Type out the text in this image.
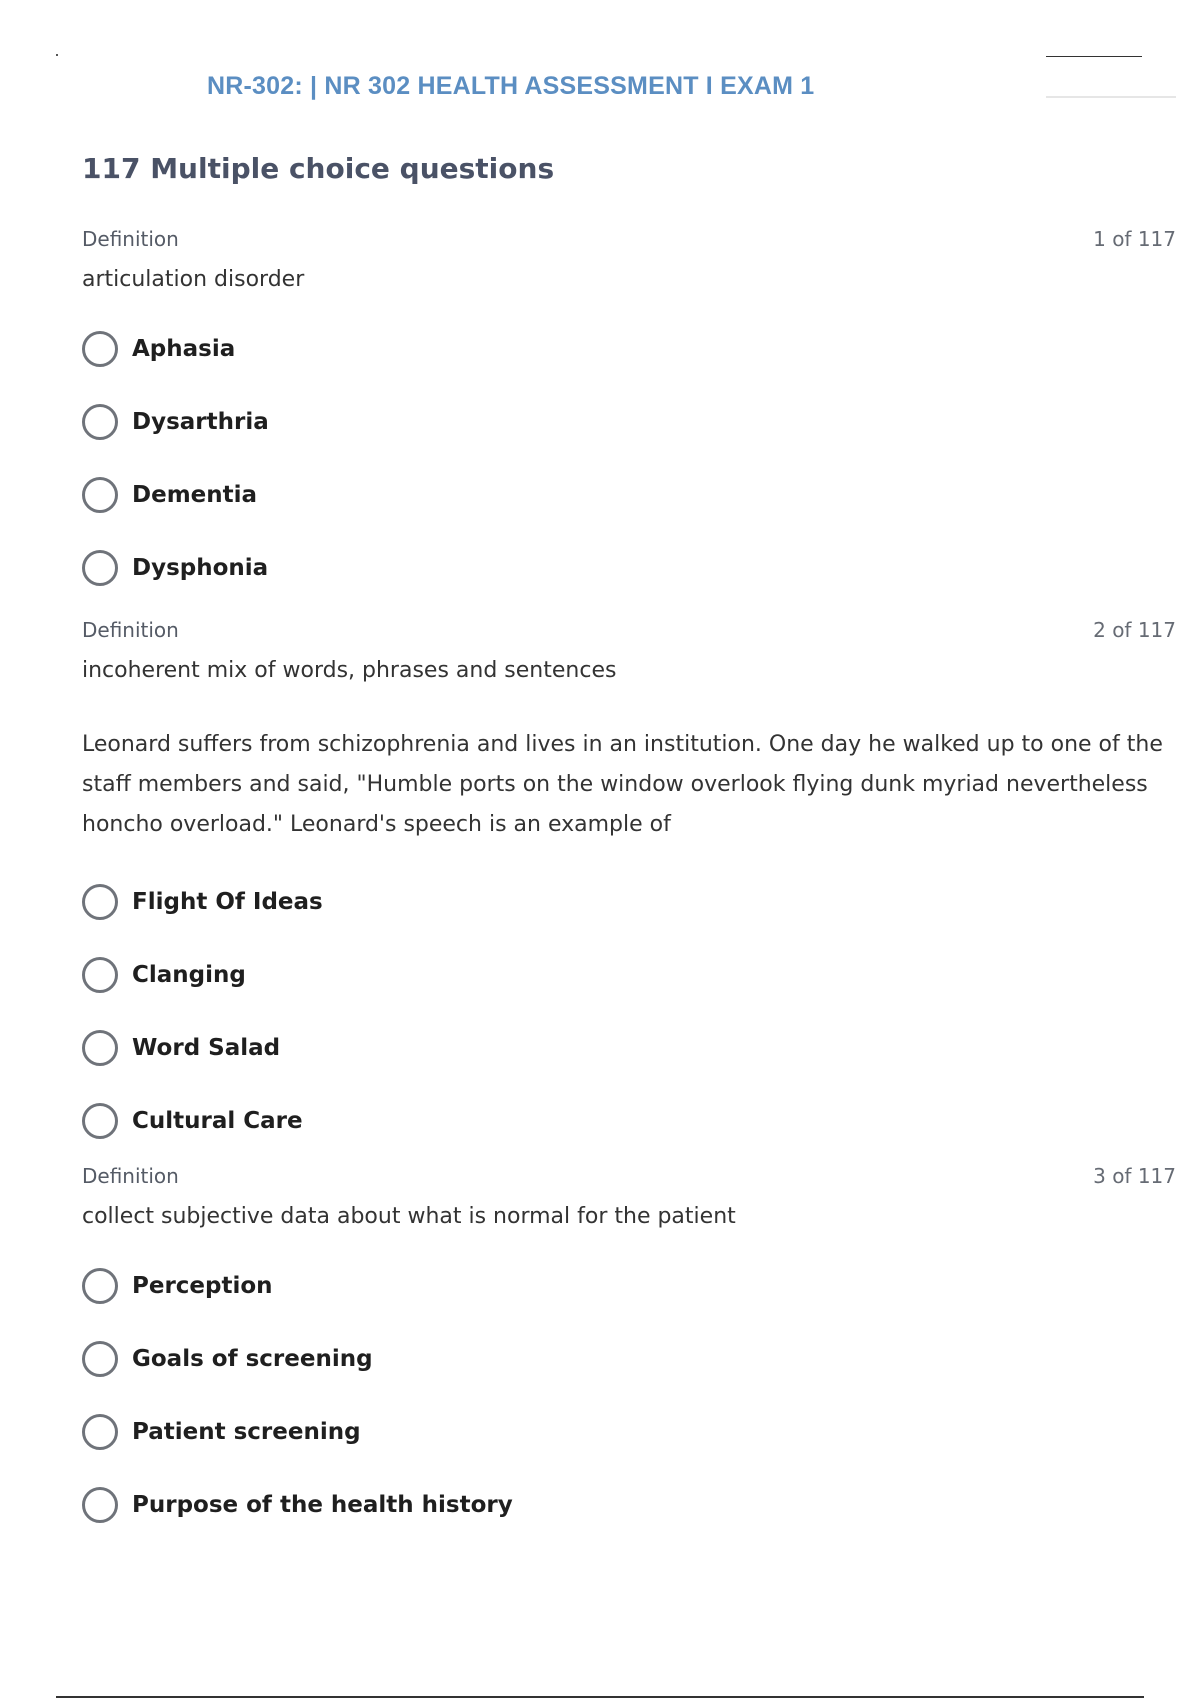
NR-302: | NR 302 HEALTH ASSESSMENT I EXAM 1
117 Multiple choice questions
Definition	1 of 117
articulation disorder
Aphasia
Dysarthria
Dementia
Dysphonia
Definition	2 of 117
incoherent mix of words, phrases and sentences

Leonard suffers from schizophrenia and lives in an institution. One day he walked up to one of the staff members and said, "Humble ports on the window overlook flying dunk myriad nevertheless honcho overload." Leonard's speech is an example of

Flight Of Ideas
Clanging
Word Salad
Cultural Care
Definition	3 of 117
collect subjective data about what is normal for the patient
Perception
Goals of screening
Patient screening
Purpose of the health history
